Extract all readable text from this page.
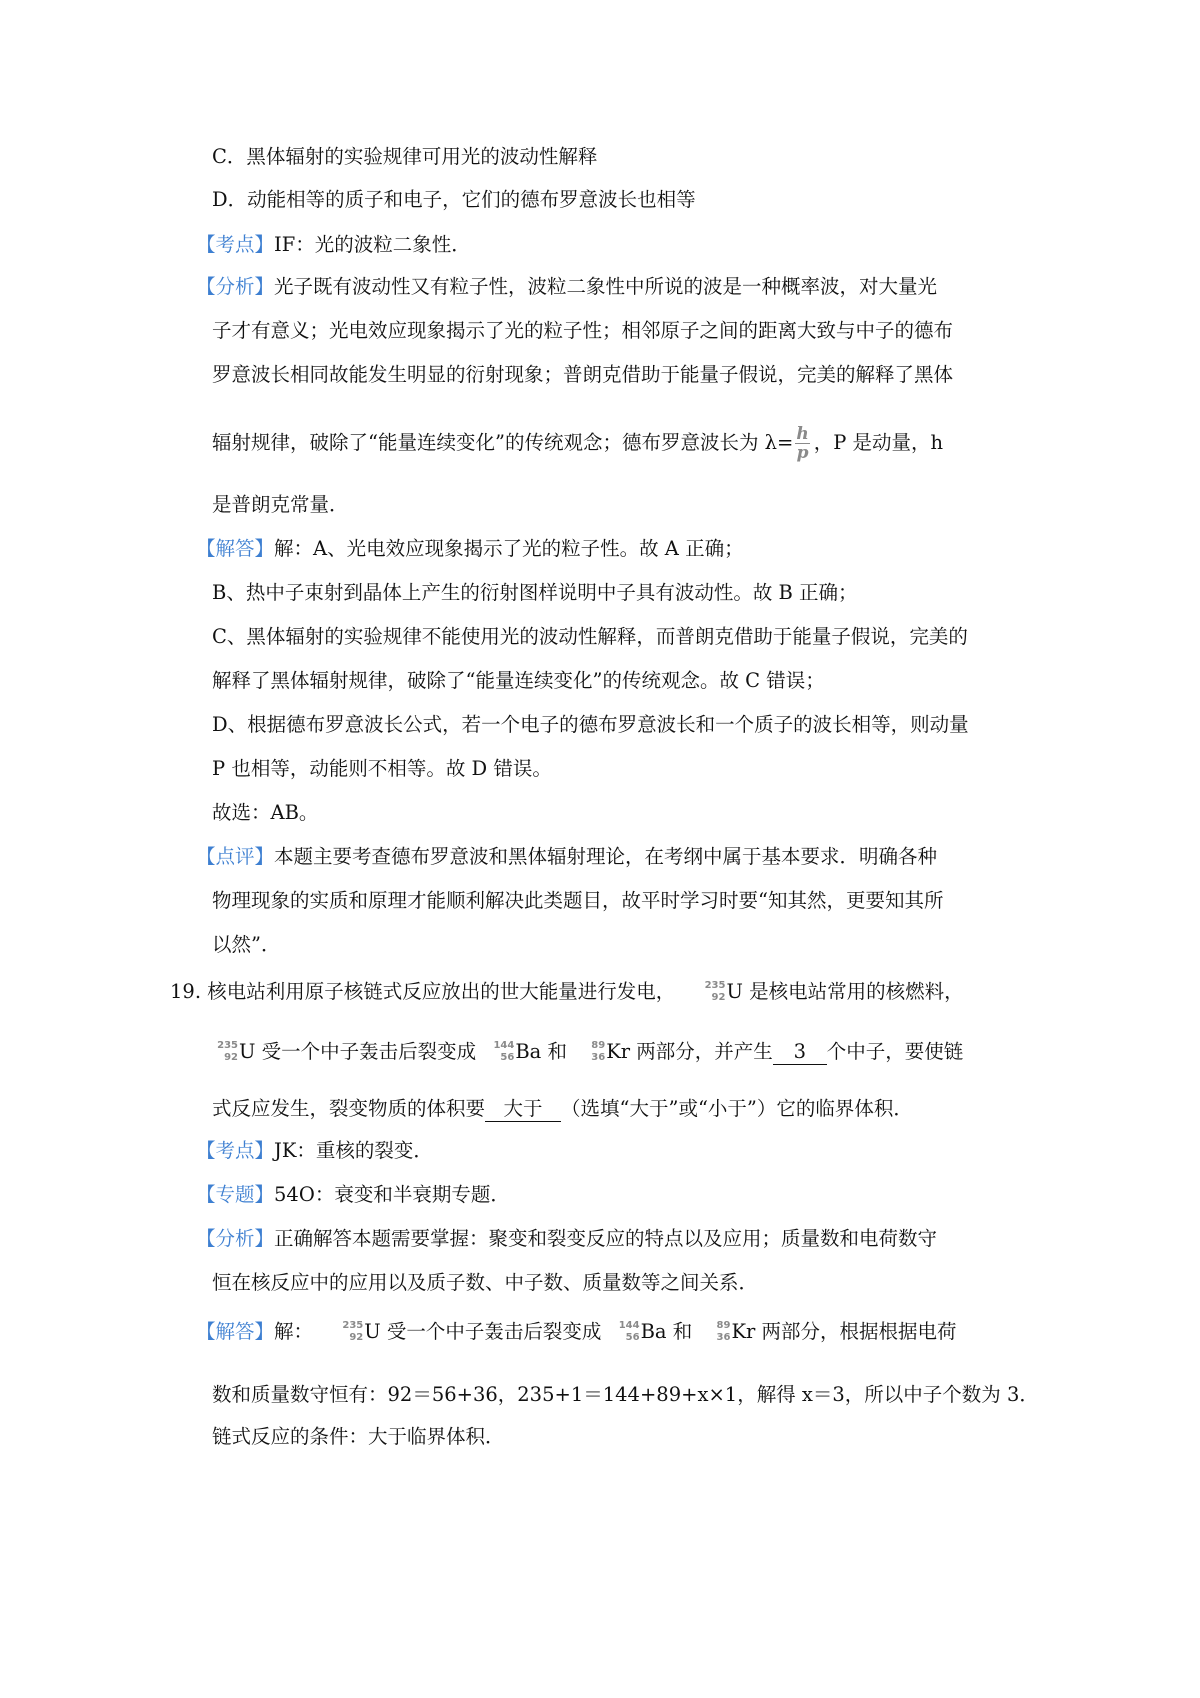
C．黑体辐射的实验规律可用光的波动性解释
D．动能相等的质子和电子，它们的德布罗意波长也相等
【考点】IF：光的波粒二象性．
【分析】光子既有波动性又有粒子性，波粒二象性中所说的波是一种概率波，对大量光
子才有意义；光电效应现象揭示了光的粒子性；相邻原子之间的距离大致与中子的德布
罗意波长相同故能发生明显的衍射现象；普朗克借助于能量子假说，完美的解释了黑体
辐射规律，破除了“能量连续变化”的传统观念；德布罗意波长为 $\lambda= \frac{h}{p}$ ，P 是动量，h
是普朗克常量．
【解答】解：A、光电效应现象揭示了光的粒子性。故 A 正确；
B、热中子束射到晶体上产生的衍射图样说明中子具有波动性。故 B 正确；
C、黑体辐射的实验规律不能使用光的波动性解释，而普朗克借助于能量子假说，完美的
解释了黑体辐射规律，破除了“能量连续变化”的传统观念。故 C 错误；
D、根据德布罗意波长公式，若一个电子的德布罗意波长和一个质子的波长相等，则动量
P 也相等，动能则不相等。故 D 错误。
故选：AB。
【点评】本题主要考查德布罗意波和黑体辐射理论，在考纲中属于基本要求．明确各种
物理现象的实质和原理才能顺利解决此类题目，故平时学习时要“知其然，更要知其所
以然”．
19. 核电站利用原子核链式反应放出的世大能量进行发电，	235
92 U 是核电站常用的核燃料，
235
92 U 受一个中子轰击后裂变成 144
56 Ba 和 89
36 Kr 两部分，并产生 3 个中子，要使链
式反应发生，裂变物质的体积要 大于 （选填“大于”或“小于”）它的临界体积．
【考点】JK：重核的裂变．
【专题】54O：衰变和半衰期专题．
【分析】正确解答本题需要掌握：聚变和裂变反应的特点以及应用；质量数和电荷数守
恒在核反应中的应用以及质子数、中子数、质量数等之间关系．
【解答】解：	235
92 U 受一个中子轰击后裂变成 144
56 Ba 和 89
36 Kr 两部分，根据根据电荷
数和质量数守恒有：92＝56+36，235+1＝144+89+x×1，解得 x＝3，所以中子个数为 3．
链式反应的条件：大于临界体积．
